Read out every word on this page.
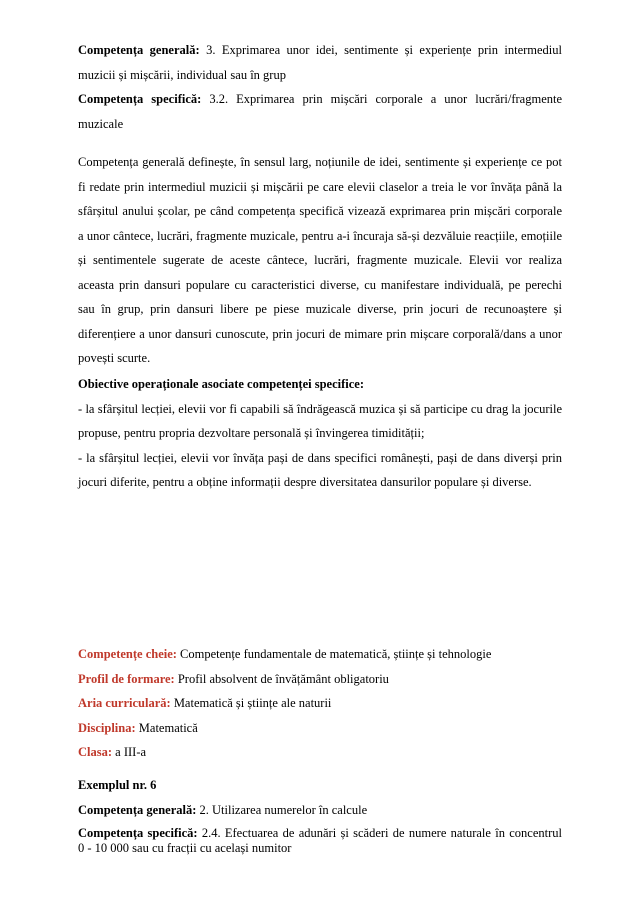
Competența generală: 3. Exprimarea unor idei, sentimente și experiențe prin intermediul
muzicii și mișcării, individual sau în grup
Competența specifică: 3.2. Exprimarea prin mișcări corporale a unor lucrări/fragmente
muzicale
Competența generală definește, în sensul larg, noțiunile de idei, sentimente și experiențe ce pot
fi redate prin intermediul muzicii și mișcării pe care elevii claselor a treia le vor învăța până la
sfârșitul anului școlar, pe când competența specifică vizează exprimarea prin mișcări corporale
a unor cântece, lucrări, fragmente muzicale, pentru a-i încuraja să-și dezvăluie reacțiile, emoțiile
și sentimentele sugerate de aceste cântece, lucrări, fragmente muzicale. Elevii vor realiza
aceasta prin dansuri populare cu caracteristici diverse, cu manifestare individuală, pe perechi
sau în grup, prin dansuri libere pe piese muzicale diverse, prin jocuri de recunoaștere și
diferențiere a unor dansuri cunoscute, prin jocuri de mimare prin mișcare corporală/dans a unor
povești scurte.
Obiective operaționale asociate competenței specifice:
- la sfârșitul lecției, elevii vor fi capabili să îndrăgească muzica și să participe cu drag la jocurile
propuse, pentru propria dezvoltare personală și învingerea timidității;
- la sfârșitul lecției, elevii vor învăța pași de dans specifici românești, pași de dans diverși prin
jocuri diferite, pentru a obține informații despre diversitatea dansurilor populare și diverse.
Competențe cheie: Competențe fundamentale de matematică, științe și tehnologie
Profil de formare: Profil absolvent de învățământ obligatoriu
Aria curriculară: Matematică și științe ale naturii
Disciplina: Matematică
Clasa: a III-a
Exemplul nr. 6
Competența generală: 2. Utilizarea numerelor în calcule
Competența specifică: 2.4. Efectuarea de adunări și scăderi de numere naturale în concentrul
0 - 10 000 sau cu fracții cu același numitor
